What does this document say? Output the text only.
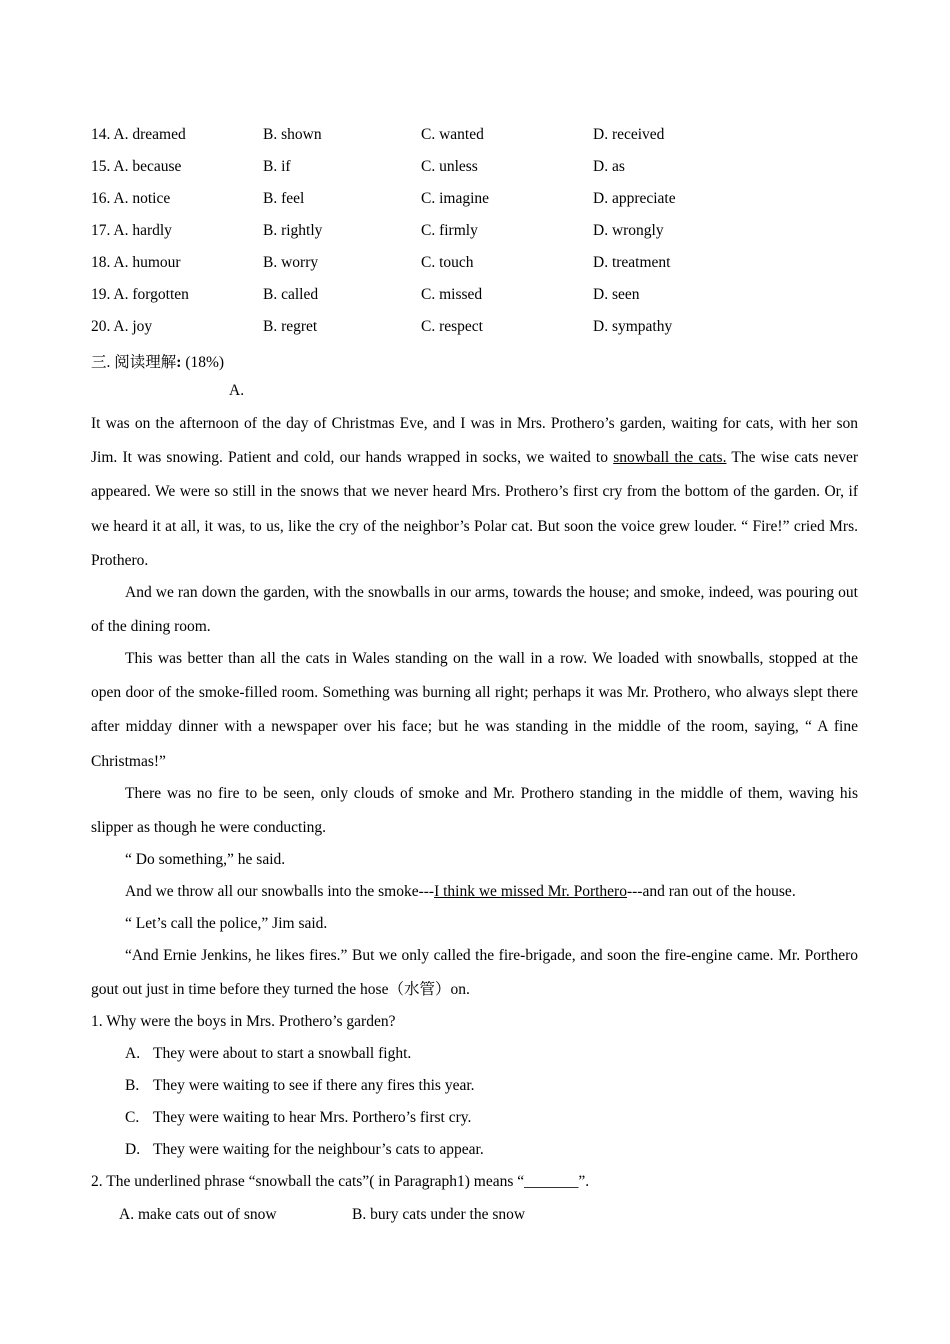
14. A. dreamed	B. shown	C. wanted	D. received
15. A. because	B. if	C. unless	D. as
16. A. notice	B. feel	C. imagine	D. appreciate
17. A. hardly	B. rightly	C. firmly	D. wrongly
18. A. humour	B. worry	C. touch	D. treatment
19. A. forgotten	B. called	C. missed	D. seen
20. A. joy	B. regret	C. respect	D. sympathy
三. 阅读理解: (18%)
A.

It was on the afternoon of the day of Christmas Eve, and I was in Mrs. Prothero’s garden, waiting for cats, with her son Jim. It was snowing. Patient and cold, our hands wrapped in socks, we waited to snowball the cats. The wise cats never appeared. We were so still in the snows that we never heard Mrs. Prothero’s first cry from the bottom of the garden. Or, if we heard it at all, it was, to us, like the cry of the neighbor’s Polar cat. But soon the voice grew louder. “ Fire!” cried Mrs. Prothero.

And we ran down the garden, with the snowballs in our arms, towards the house; and smoke, indeed, was pouring out of the dining room.

This was better than all the cats in Wales standing on the wall in a row. We loaded with snowballs, stopped at the open door of the smoke-filled room. Something was burning all right; perhaps it was Mr. Prothero, who always slept there after midday dinner with a newspaper over his face; but he was standing in the middle of the room, saying, “ A fine Christmas!”

There was no fire to be seen, only clouds of smoke and Mr. Prothero standing in the middle of them, waving his slipper as though he were conducting.

“ Do something,” he said.
And we throw all our snowballs into the smoke---I think we missed Mr. Porthero---and ran out of the house.
“ Let’s call the police,” Jim said.

“And Ernie Jenkins, he likes fires.” But we only called the fire-brigade, and soon the fire-engine came. Mr. Porthero gout out just in time before they turned the hose（水管）on.

1. Why were the boys in Mrs. Prothero’s garden?
A. They were about to start a snowball fight.
B. They were waiting to see if there any fires this year.
C. They were waiting to hear Mrs. Porthero’s first cry.
D. They were waiting for the neighbour’s cats to appear.
2. The underlined phrase “snowball the cats”( in Paragraph1) means “_______”.
A. make cats out of snow	B. bury cats under the snow
